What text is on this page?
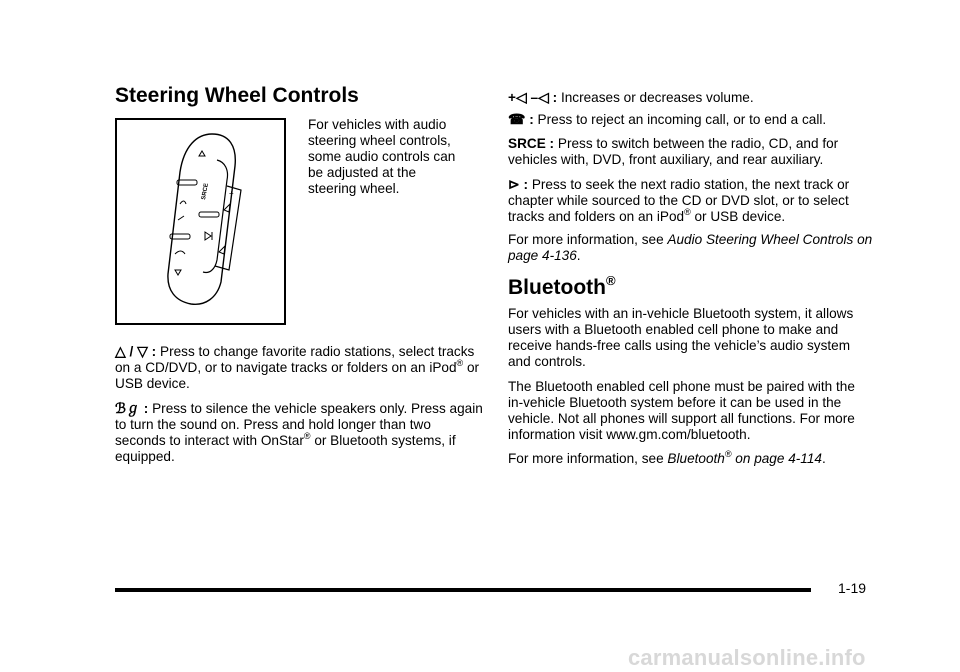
Steering Wheel Controls
SRCE +

For vehicles with audio steering wheel controls, some audio controls can be adjusted at the steering wheel.

△ / ▽ : Press to change favorite radio stations, select tracks on a CD/DVD, or to navigate tracks or folders on an iPod® or USB device.

ℬℊ : Press to silence the vehicle speakers only. Press again to turn the sound on. Press and hold longer than two seconds to interact with OnStar® or Bluetooth systems, if equipped.

+◁ –◁ : Increases or decreases volume.

☎ : Press to reject an incoming call, or to end a call.

SRCE : Press to switch between the radio, CD, and for vehicles with, DVD, front auxiliary, and rear auxiliary.

⊳ : Press to seek the next radio station, the next track or chapter while sourced to the CD or DVD slot, or to select tracks and folders on an iPod® or USB device.

For more information, see Audio Steering Wheel Controls on page 4-136.

Bluetooth®

For vehicles with an in-vehicle Bluetooth system, it allows users with a Bluetooth enabled cell phone to make and receive hands-free calls using the vehicle’s audio system and controls.

The Bluetooth enabled cell phone must be paired with the in-vehicle Bluetooth system before it can be used in the vehicle. Not all phones will support all functions. For more information visit www.gm.com/bluetooth.

For more information, see Bluetooth® on page 4-114.

1-19
carmanualsonline.info
